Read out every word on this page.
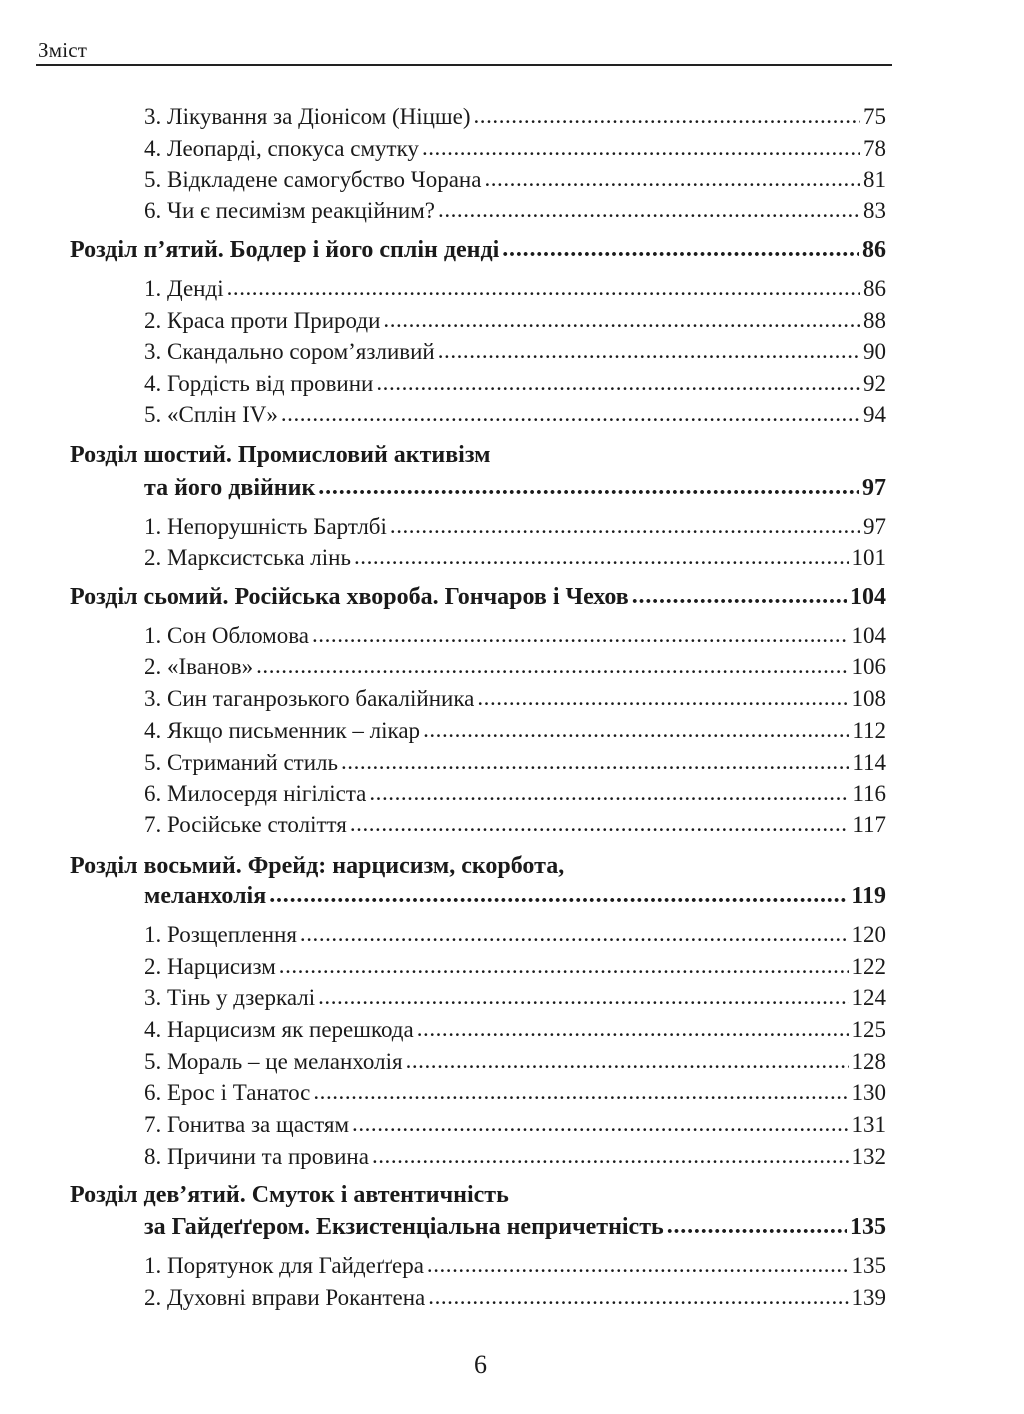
Зміст
3. Лікування за Діонісом (Ніцше) . . .	75
4. Леопарді, спокуса смутку . . .	78
5. Відкладене самогубство Чорана . . .	81
6. Чи є песимізм реакційним? . . .	83
Розділ п’ятий. Бодлер і його сплін денді . . .	86
1. Денді . . .	86
2. Краса проти Природи . . .	88
3. Скандально сором’язливий . . .	90
4. Гордість від провини . . .	92
5. «Сплін IV» . . .	94
Розділ шостий. Промисловий активізм
та його двійник . . .	97
1. Непорушність Бартлбі . . .	97
2. Марксистська лінь . . .	101
Розділ сьомий. Російська хвороба. Гончаров і Чехов . . .	104
1. Сон Обломова . . .	104
2. «Іванов» . . .	106
3. Син таганрозького бакалійника . . .	108
4. Якщо письменник – лікар . . .	112
5. Стриманий стиль . . .	114
6. Милосердя нігіліста . . .	116
7. Російське століття . . .	117
Розділ восьмий. Фрейд: нарцисизм, скорбота,
меланхолія . . .	119
1. Розщеплення . . .	120
2. Нарцисизм . . .	122
3. Тінь у дзеркалі . . .	124
4. Нарцисизм як перешкода . . .	125
5. Мораль – це меланхолія . . .	128
6. Ерос і Танатос . . .	130
7. Гонитва за щастям . . .	131
8. Причини та провина . . .	132
Розділ дев’ятий. Смуток і автентичність
за Гайдеґґером. Екзистенціальна непричетність . . .	135
1. Порятунок для Гайдеґґера . . .	135
2. Духовні вправи Рокантена . . .	139
6
